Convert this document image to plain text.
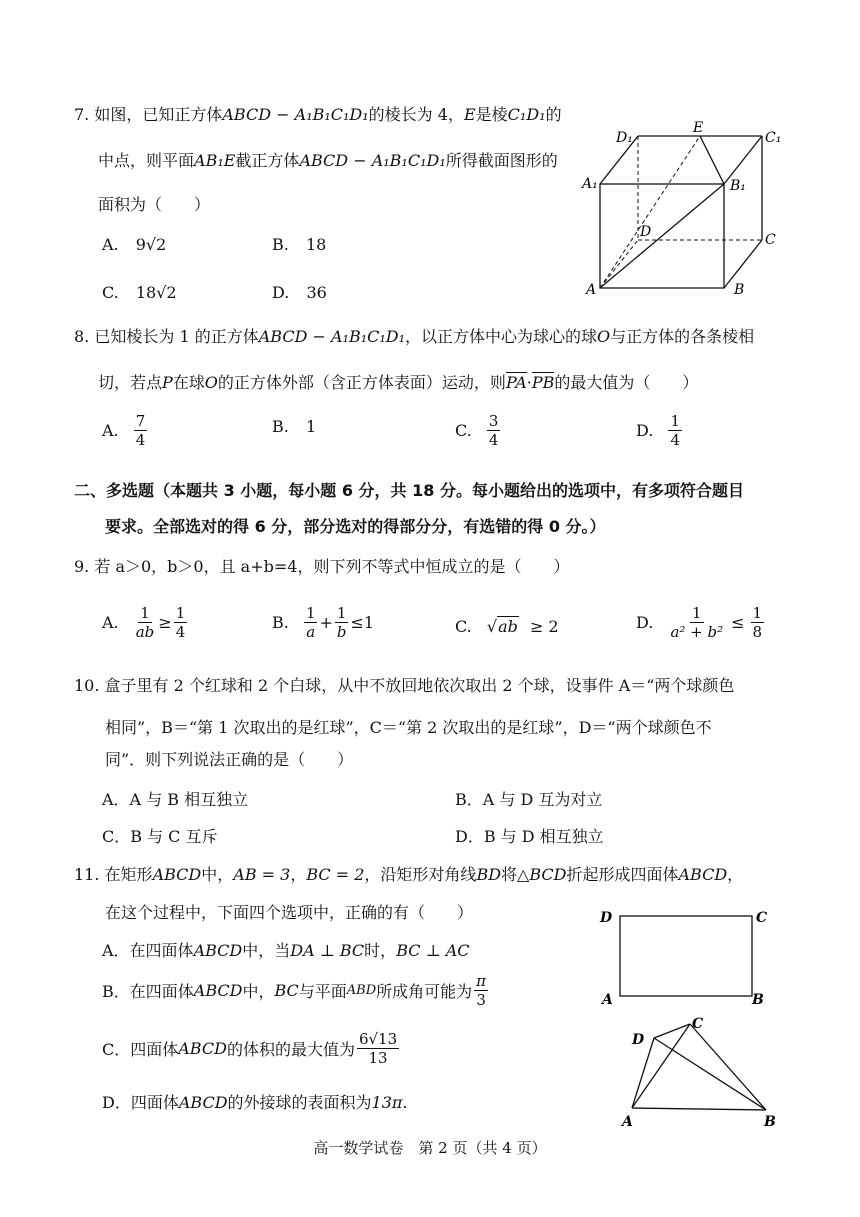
7. 如图，已知正方体ABCD − A₁B₁C₁D₁的棱长为 4，E是棱C₁D₁的
中点，则平面AB₁E截正方体ABCD − A₁B₁C₁D₁所得截面图形的
面积为（　　）
A. 9√2	B. 18
C. 18√2	D. 36
D₁
E
C₁
A₁	B₁
D	C
A	B
8. 已知棱长为 1 的正方体ABCD − A₁B₁C₁D₁，以正方体中心为球心的球O与正方体的各条棱相
切，若点P在球O的正方体外部（含正方体表面）运动，则PA·PB的最大值为（　　）
A. $\frac{7}{4}$	B. 1	C. $\frac{3}{4}$	D. $\frac{1}{4}$
二、多选题（本题共 3 小题，每小题 6 分，共 18 分。每小题给出的选项中，有多项符合题目
要求。全部选对的得 6 分，部分选对的得部分分，有选错的得 0 分。）
9. 若 a＞0，b＞0，且 a+b=4，则下列不等式中恒成立的是（　　）
A. $\frac{1}{ab} \ge \frac{1}{4}$	B. $\frac{1}{a} + \frac{1}{b} \le 1$	C. √ab ≥ 2	D. $\frac{1}{\text{a² + b²}} \le \frac{1}{8}$
10. 盒子里有 2 个红球和 2 个白球，从中不放回地依次取出 2 个球，设事件 A＝“两个球颜色
相同”，B＝“第 1 次取出的是红球”，C＝“第 2 次取出的是红球”，D＝“两个球颜色不
同”．则下列说法正确的是（　　）
A．A 与 B 相互独立	B．A 与 D 互为对立
C．B 与 C 互斥	D．B 与 D 相互独立
11. 在矩形ABCD中，AB = 3，BC = 2，沿矩形对角线BD将△BCD折起形成四面体ABCD，
在这个过程中，下面四个选项中，正确的有（　　）
A．在四面体ABCD中，当DA ⊥ BC时，BC ⊥ AC
B．在四面体ABCD中，BC与平面ABD所成角可能为 $\frac{\pi}{3}$
C．四面体ABCD的体积的最大值为 $\frac{6√13}{13}$
D．四面体ABCD的外接球的表面积为13π.
D	C
A	B
C
D
A	B
高一数学试卷　第 2 页（共 4 页）
